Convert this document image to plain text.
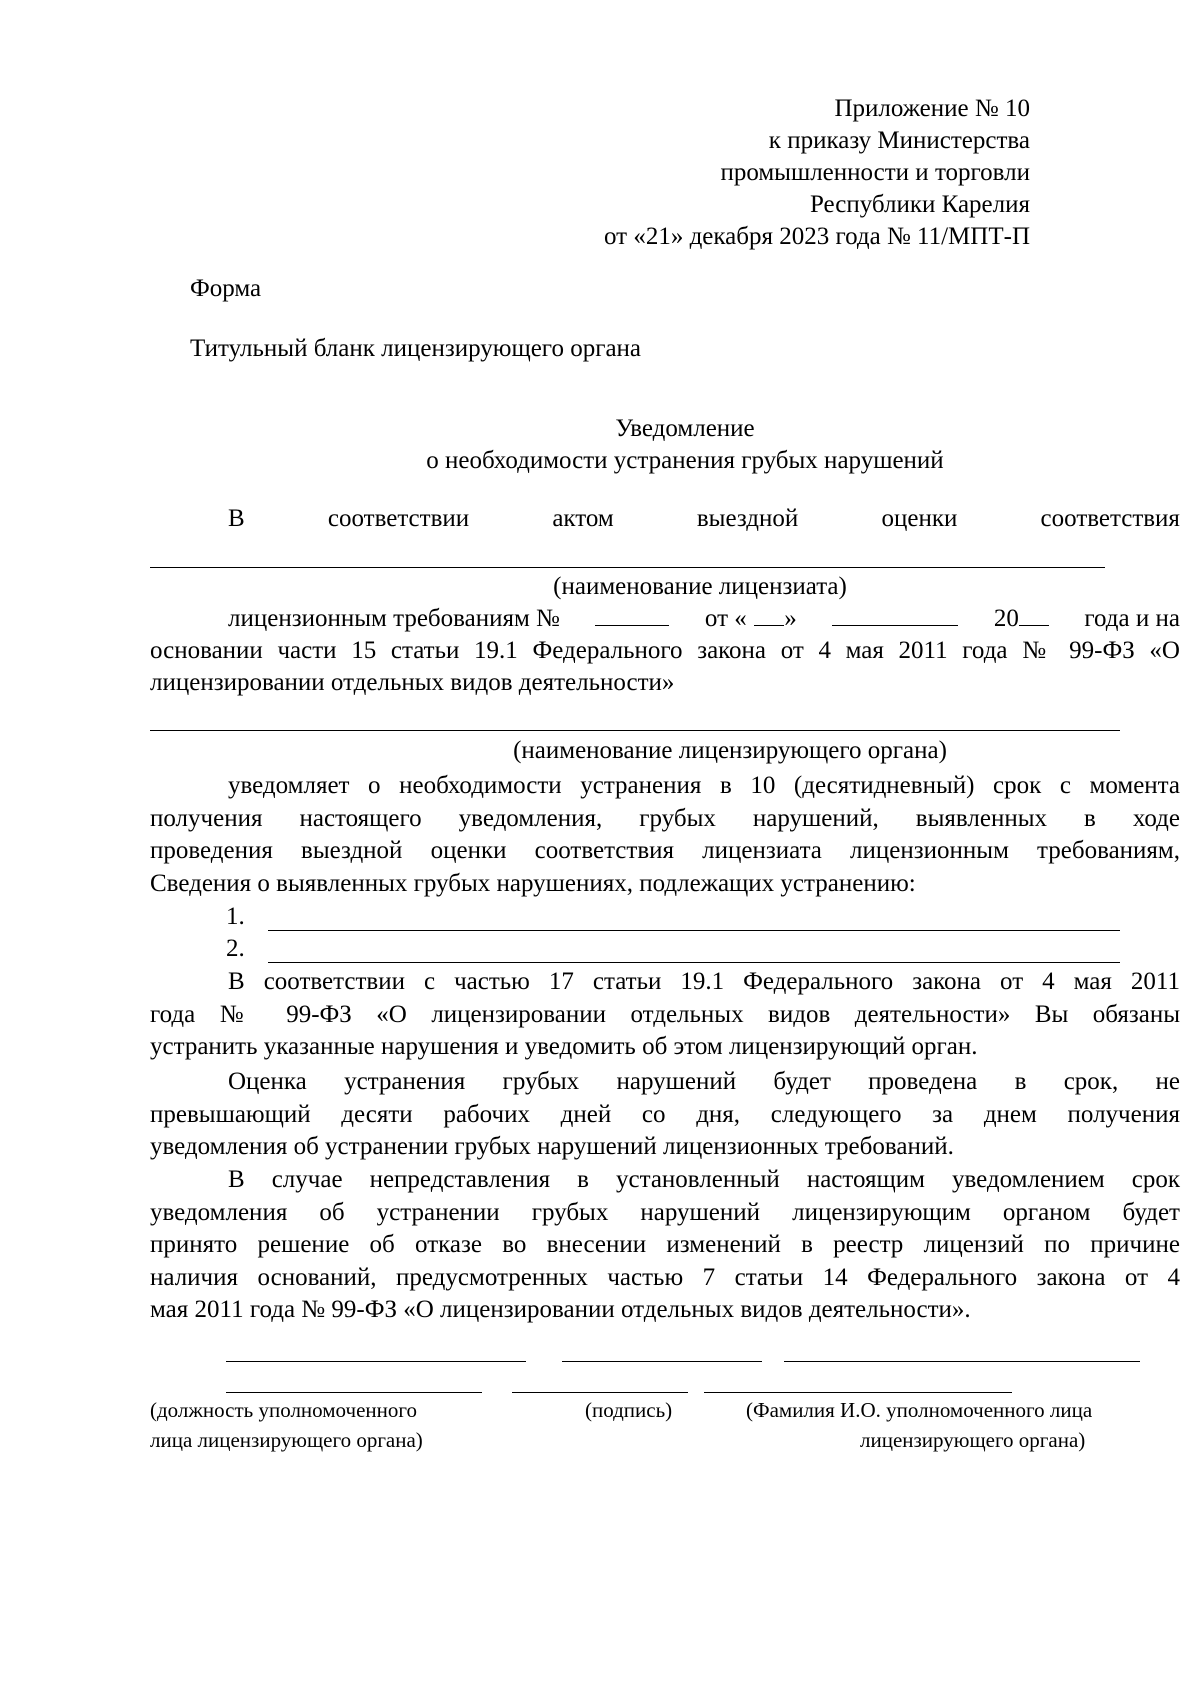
Приложение № 10
к приказу Министерства
промышленности и торговли
Республики Карелия
от «21» декабря 2023 года № 11/МПТ-П
Форма
Титульный бланк лицензирующего органа
Уведомление
о необходимости устранения грубых нарушений
В	соответствии	актом	выездной	оценки	соответствия
(наименование лицензиата)
лицензионным требованиям №	от «	»	20	года и на
основании части 15 статьи 19.1 Федерального закона от 4 мая 2011 года № 99-ФЗ «О
лицензировании отдельных видов деятельности»
(наименование лицензирующего органа)
уведомляет о необходимости устранения в 10 (десятидневный) срок с момента
получения настоящего уведомления, грубых нарушений, выявленных в ходе
проведения выездной оценки соответствия лицензиата лицензионным требованиям,
Сведения о выявленных грубых нарушениях, подлежащих устранению:
1.
2.
В соответствии с частью 17 статьи 19.1 Федерального закона от 4 мая 2011
года № 99-ФЗ «О лицензировании отдельных видов деятельности» Вы обязаны
устранить указанные нарушения и уведомить об этом лицензирующий орган.
Оценка устранения грубых нарушений будет проведена в срок, не
превышающий десяти рабочих дней со дня, следующего за днем получения
уведомления об устранении грубых нарушений лицензионных требований.
В случае непредставления в установленный настоящим уведомлением срок
уведомления об устранении грубых нарушений лицензирующим органом будет
принято решение об отказе во внесении изменений в реестр лицензий по причине
наличия оснований, предусмотренных частью 7 статьи 14 Федерального закона от 4
мая 2011 года № 99-ФЗ «О лицензировании отдельных видов деятельности».
(должность уполномоченного
лица лицензирующего органа)
(подпись)	(Фамилия И.О. уполномоченного лица
лицензирующего органа)
